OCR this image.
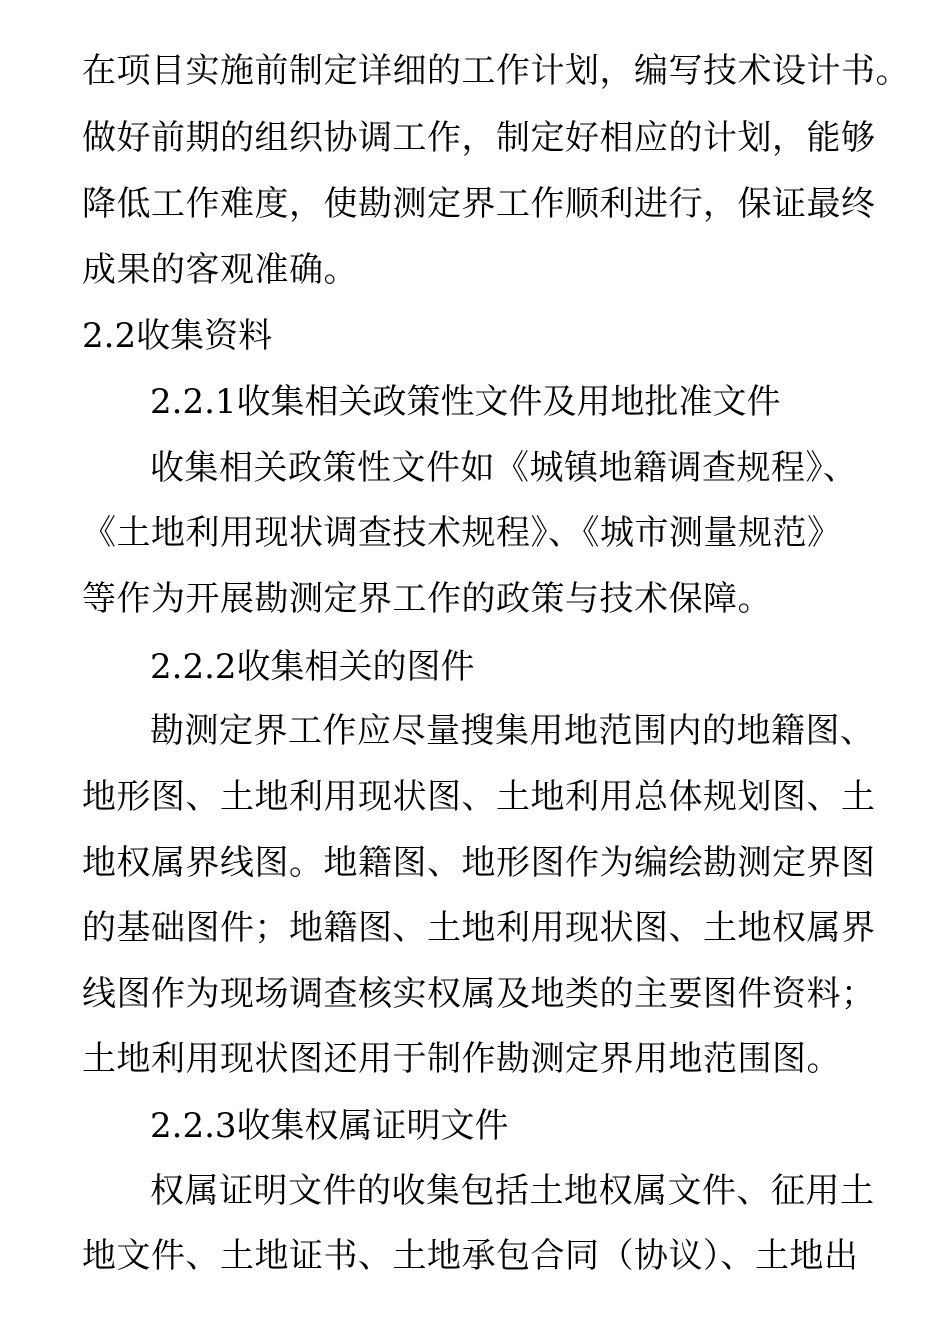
在项目实施前制定详细的工作计划，编写技术设计书。
做好前期的组织协调工作，制定好相应的计划，能够
降低工作难度，使勘测定界工作顺利进行，保证最终
成果的客观准确。
2.2收集资料
2.2.1收集相关政策性文件及用地批准文件
收集相关政策性文件如《城镇地籍调查规程》、
《土地利用现状调查技术规程》、《城市测量规范》
等作为开展勘测定界工作的政策与技术保障。
2.2.2收集相关的图件
勘测定界工作应尽量搜集用地范围内的地籍图、
地形图、土地利用现状图、土地利用总体规划图、土
地权属界线图。地籍图、地形图作为编绘勘测定界图
的基础图件；地籍图、土地利用现状图、土地权属界
线图作为现场调查核实权属及地类的主要图件资料；
土地利用现状图还用于制作勘测定界用地范围图。
2.2.3收集权属证明文件
权属证明文件的收集包括土地权属文件、征用土
地文件、土地证书、土地承包合同（协议）、土地出
